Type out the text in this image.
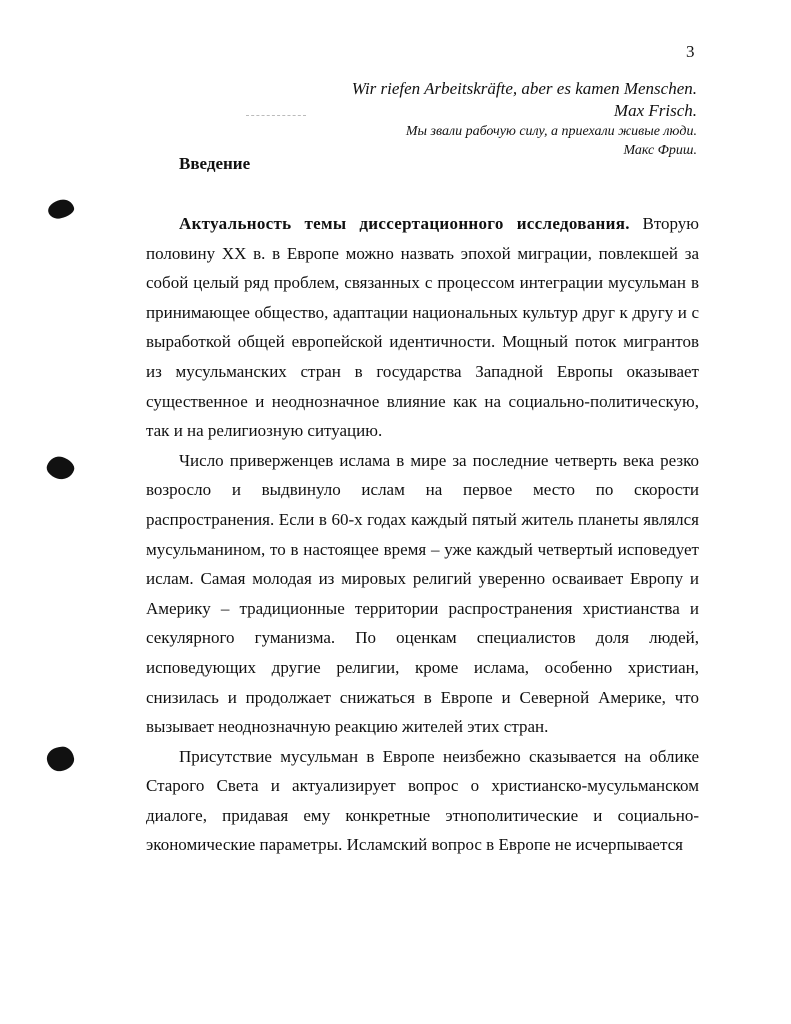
3
Wir riefen Arbeitskräfte, aber es kamen Menschen.
Max Frisch.
Мы звали рабочую силу, а приехали живые люди.
Макс Фриш.
Введение

Актуальность темы диссертационного исследования. Вторую половину XX в. в Европе можно назвать эпохой миграции, повлекшей за собой целый ряд проблем, связанных с процессом интеграции мусульман в принимающее общество, адаптации национальных культур друг к другу и с выработкой общей европейской идентичности. Мощный поток мигрантов из мусульманских стран в государства Западной Европы оказывает существенное и неоднозначное влияние как на социально-политическую, так и на религиозную ситуацию.

Число приверженцев ислама в мире за последние четверть века резко возросло и выдвинуло ислам на первое место по скорости распространения. Если в 60-х годах каждый пятый житель планеты являлся мусульманином, то в настоящее время – уже каждый четвертый исповедует ислам. Самая молодая из мировых религий уверенно осваивает Европу и Америку – традиционные территории распространения христианства и секулярного гуманизма. По оценкам специалистов доля людей, исповедующих другие религии, кроме ислама, особенно христиан, снизилась и продолжает снижаться в Европе и Северной Америке, что вызывает неоднозначную реакцию жителей этих стран.

Присутствие мусульман в Европе неизбежно сказывается на облике Старого Света и актуализирует вопрос о христианско-мусульманском диалоге, придавая ему конкретные этнополитические и социально-экономические параметры. Исламский вопрос в Европе не исчерпывается
